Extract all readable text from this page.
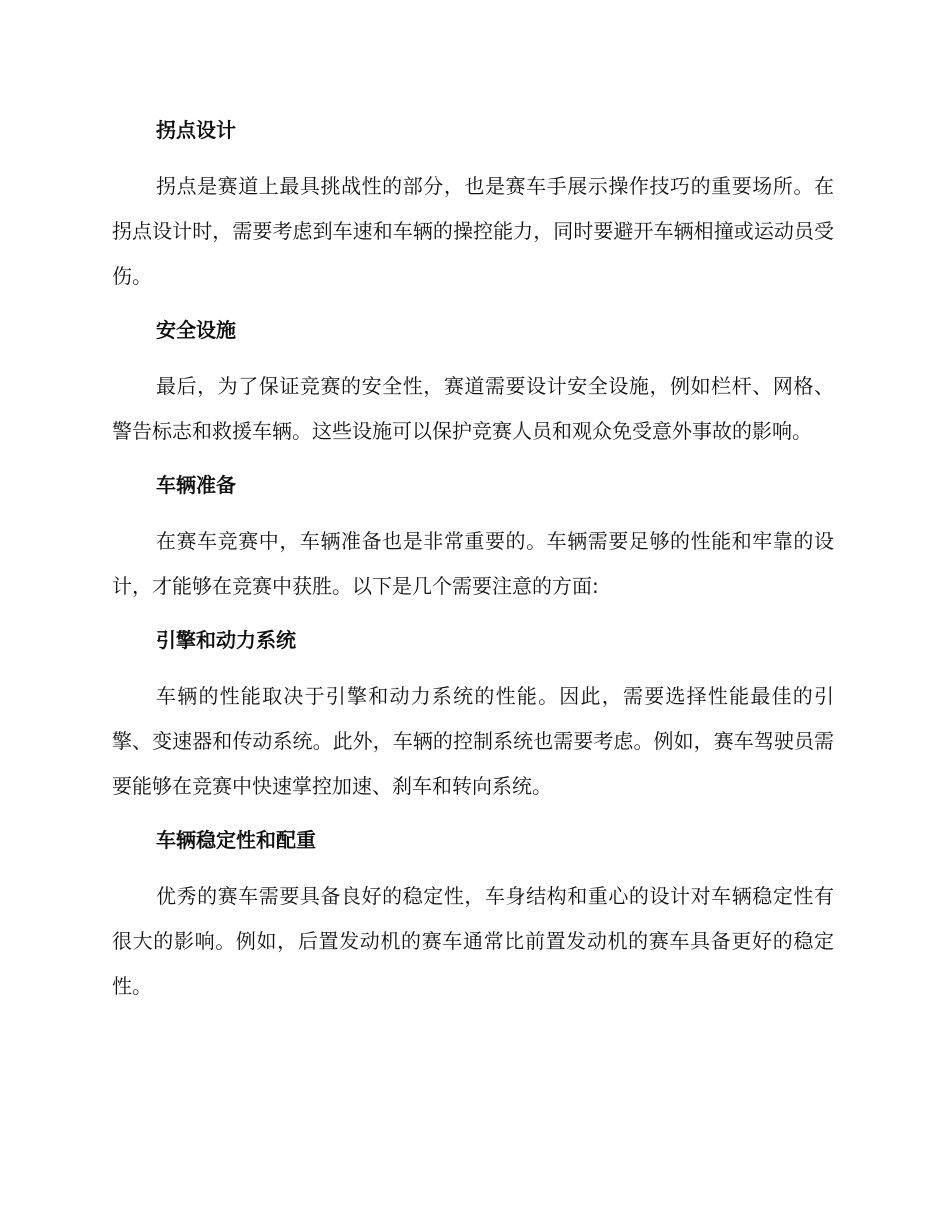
拐点设计

拐点是赛道上最具挑战性的部分，也是赛车手展示操作技巧的重要场所。在拐点设计时，需要考虑到车速和车辆的操控能力，同时要避开车辆相撞或运动员受伤。

安全设施

最后，为了保证竞赛的安全性，赛道需要设计安全设施，例如栏杆、网格、警告标志和救援车辆。这些设施可以保护竞赛人员和观众免受意外事故的影响。

车辆准备

在赛车竞赛中，车辆准备也是非常重要的。车辆需要足够的性能和牢靠的设计，才能够在竞赛中获胜。以下是几个需要注意的方面:

引擎和动力系统

车辆的性能取决于引擎和动力系统的性能。因此，需要选择性能最佳的引擎、变速器和传动系统。此外，车辆的控制系统也需要考虑。例如，赛车驾驶员需要能够在竞赛中快速掌控加速、刹车和转向系统。

车辆稳定性和配重

优秀的赛车需要具备良好的稳定性，车身结构和重心的设计对车辆稳定性有很大的影响。例如，后置发动机的赛车通常比前置发动机的赛车具备更好的稳定性。
